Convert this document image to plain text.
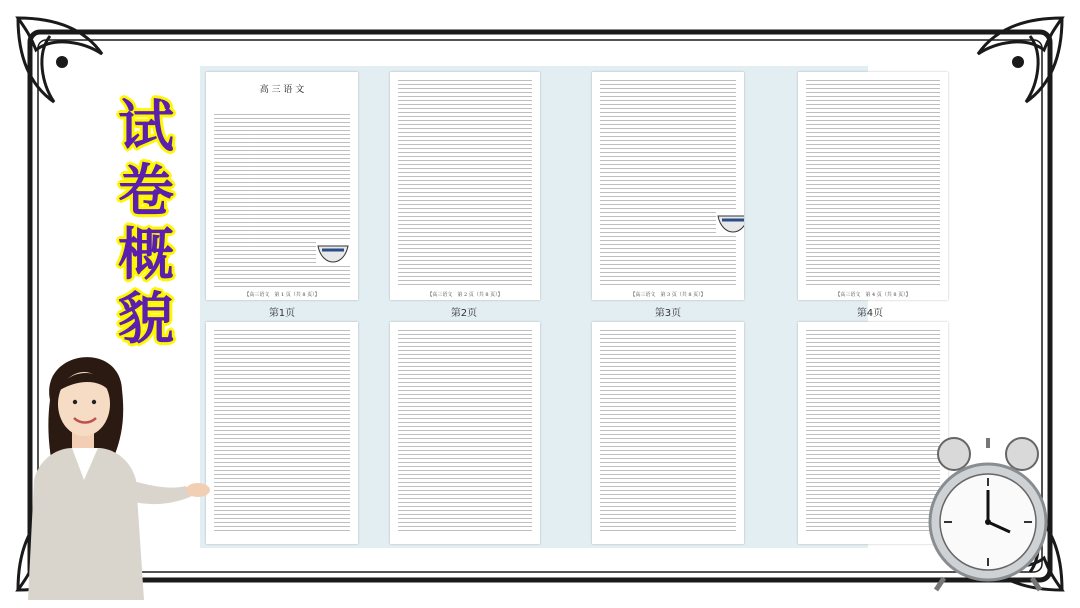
高 三 语 文
【高三语文　第 1 页（共 8 页）】
第1页
【高三语文　第 2 页（共 8 页）】
第2页
【高三语文　第 3 页（共 8 页）】
第3页
【高三语文　第 4 页（共 8 页）】
第4页
试
卷
概
貌
